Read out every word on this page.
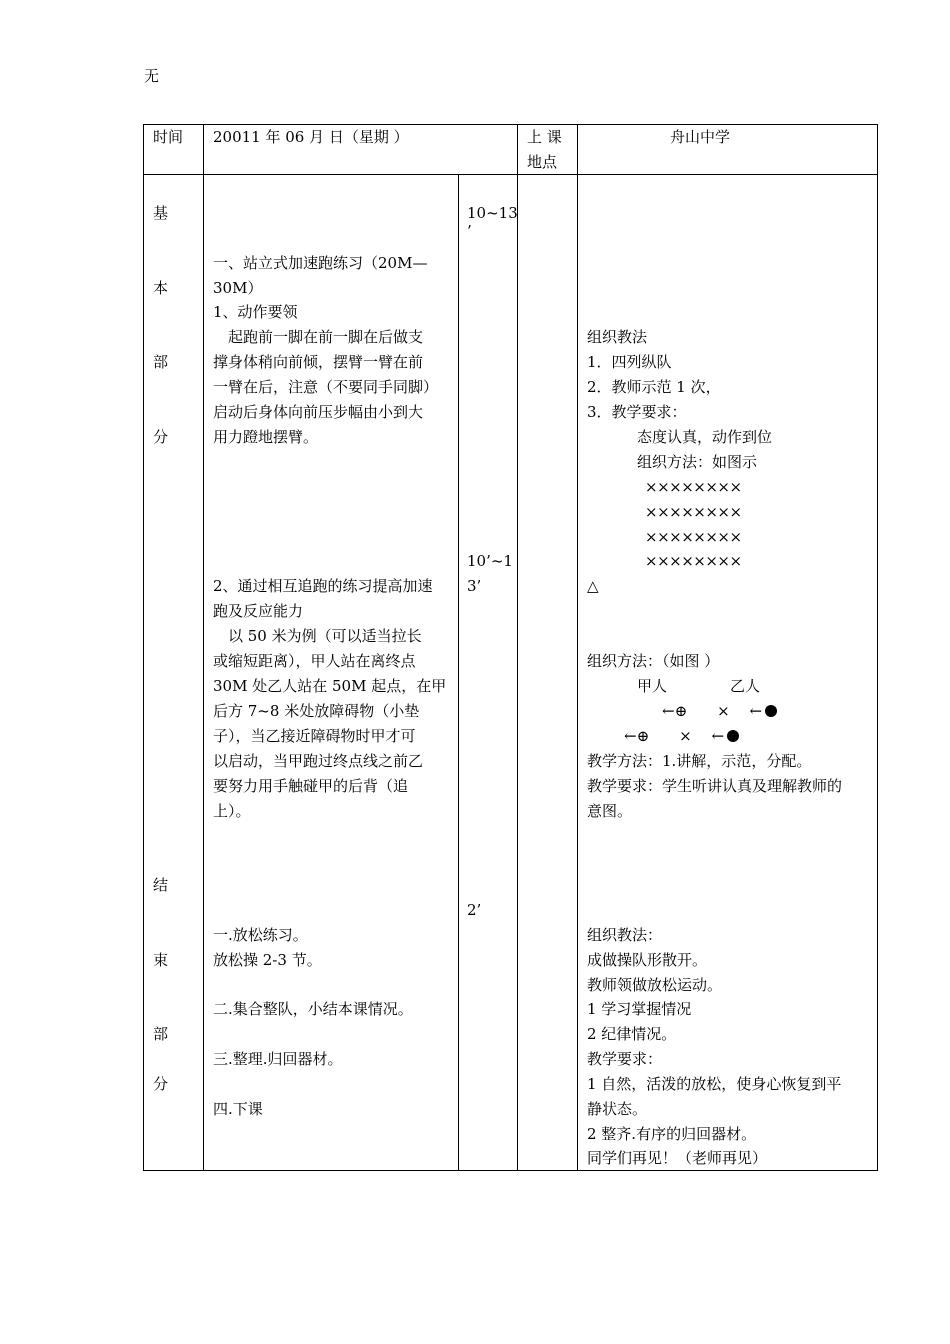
无
时间 20011 年 06 月 日（星期 ）	上 课
地点
舟山中学
基
本
部
分
10~13
’
10’~1
3’
一、站立式加速跑练习（20M—
30M）
1、动作要领
　起跑前一脚在前一脚在后做支
撑身体稍向前倾，摆臂一臂在前
一臂在后，注意（不要同手同脚）
启动后身体向前压步幅由小到大
用力蹬地摆臂。
2、通过相互追跑的练习提高加速
跑及反应能力
　以 50 米为例（可以适当拉长
或缩短距离），甲人站在离终点
30M 处乙人站在 50M 起点，在甲
后方 7~8 米处放障碍物（小垫
子），当乙接近障碍物时甲才可
以启动，当甲跑过终点线之前乙
要努力用手触碰甲的后背（追
上）。
组织教法
1．四列纵队
2．教师示范 1 次，
3．教学要求：
态度认真，动作到位
组织方法：如图示
××××××××
××××××××
××××××××
××××××××
△
组织方法：（如图 ）
甲人	乙人
←⊕　　×　 ←
←⊕　　×　 ←
教学方法：1.讲解，示范，分配。
教学要求：学生听讲认真及理解教师的
意图。
结
束
部
分
2’
一.放松练习。
放松操 2-3 节。
二.集合整队，小结本课情况。
三.整理.归回器材。
四.下课
组织教法：
成做操队形散开。
教师领做放松运动。
1 学习掌握情况
2 纪律情况。
教学要求：
1 自然，活泼的放松，使身心恢复到平
静状态。
2 整齐.有序的归回器材。
同学们再见！（老师再见）
